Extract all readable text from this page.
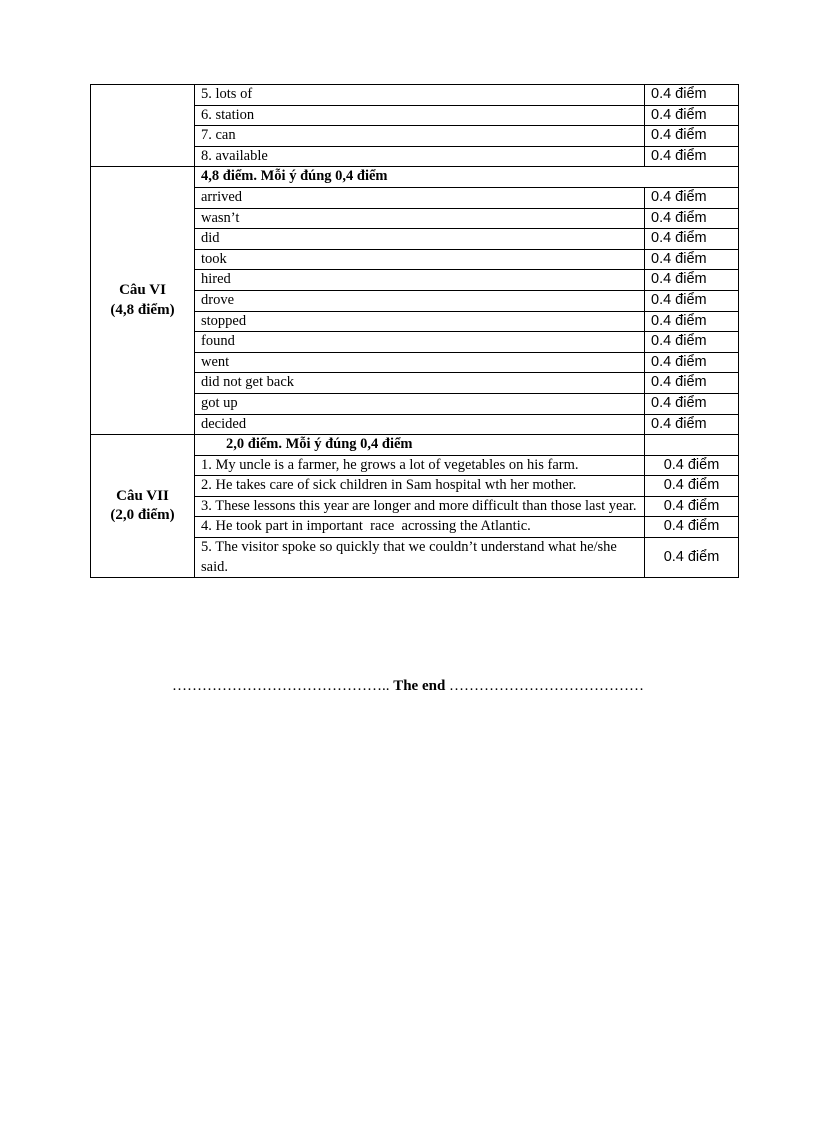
	5. lots of	0.4 điểm
	6. station	0.4 điểm
	7. can	0.4 điểm
	8. available	0.4 điểm

Câu VI
(4,8 điểm)	4,8 điểm. Mỗi ý đúng 0,4 điểm	
	arrived	0.4 điểm
	wasn’t	0.4 điểm
	did	0.4 điểm
	took	0.4 điểm
	hired	0.4 điểm
	drove	0.4 điểm
	stopped	0.4 điểm
	found	0.4 điểm
	went	0.4 điểm
	did not get back	0.4 điểm
	got up	0.4 điểm
	decided	0.4 điểm

Câu VII
(2,0 điểm)	2,0 điểm. Mỗi ý đúng 0,4 điểm	
	1. My uncle is a farmer, he grows a lot of vegetables on his farm.	0.4 điểm
	2. He takes care of sick children in Sam hospital wth her mother.	0.4 điểm
	3. These lessons this year are longer and more difficult than those last year.	0.4 điểm
	4. He took part in important  race  acrossing the Atlantic.	0.4 điểm
	5. The visitor spoke so quickly that we couldn’t understand what he/she said.	0.4 điểm
…………………………………….. The end …………………………………
